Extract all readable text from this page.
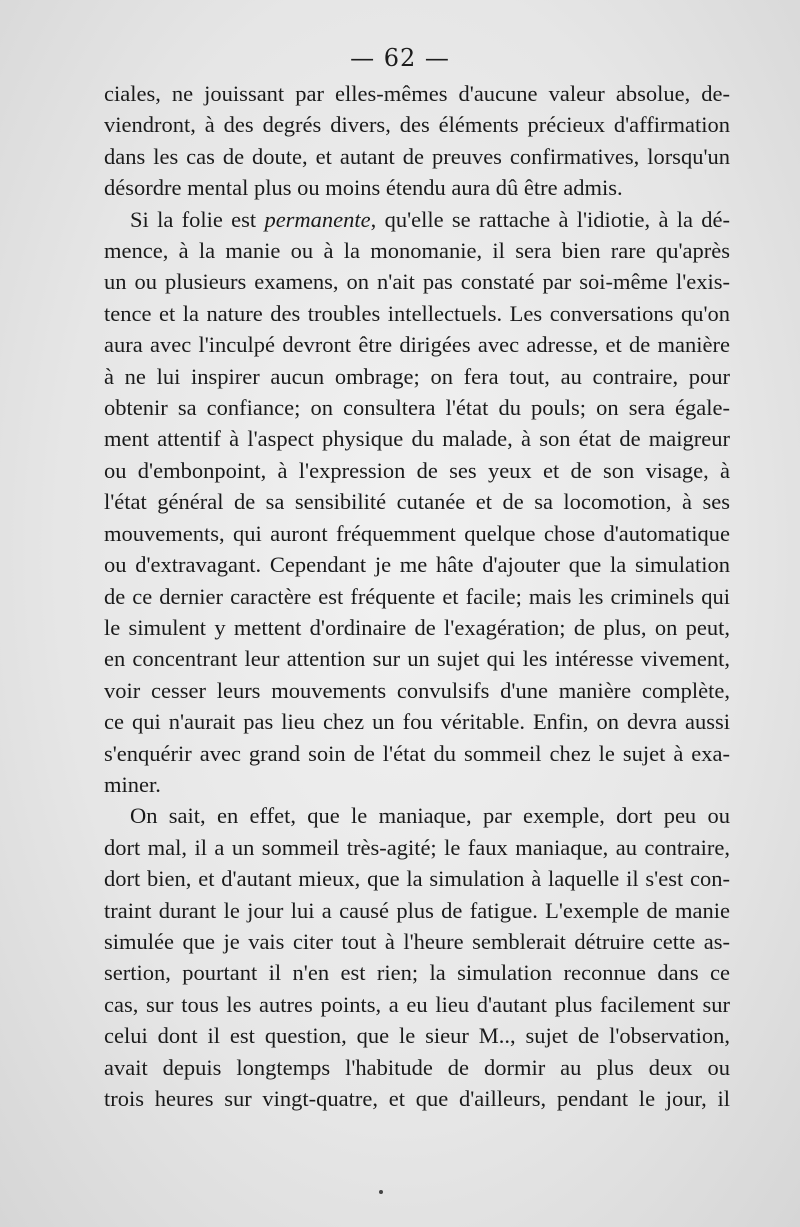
— 62 —
ciales, ne jouissant par elles-mêmes d'aucune valeur absolue, de-
viendront, à des degrés divers, des éléments précieux d'affirmation
dans les cas de doute, et autant de preuves confirmatives, lorsqu'un
désordre mental plus ou moins étendu aura dû être admis.
Si la folie est permanente, qu'elle se rattache à l'idiotie, à la dé-
mence, à la manie ou à la monomanie, il sera bien rare qu'après
un ou plusieurs examens, on n'ait pas constaté par soi-même l'exis-
tence et la nature des troubles intellectuels. Les conversations qu'on
aura avec l'inculpé devront être dirigées avec adresse, et de manière
à ne lui inspirer aucun ombrage; on fera tout, au contraire, pour
obtenir sa confiance; on consultera l'état du pouls; on sera égale-
ment attentif à l'aspect physique du malade, à son état de maigreur
ou d'embonpoint, à l'expression de ses yeux et de son visage, à
l'état général de sa sensibilité cutanée et de sa locomotion, à ses
mouvements, qui auront fréquemment quelque chose d'automatique
ou d'extravagant. Cependant je me hâte d'ajouter que la simulation
de ce dernier caractère est fréquente et facile; mais les criminels qui
le simulent y mettent d'ordinaire de l'exagération; de plus, on peut,
en concentrant leur attention sur un sujet qui les intéresse vivement,
voir cesser leurs mouvements convulsifs d'une manière complète,
ce qui n'aurait pas lieu chez un fou véritable. Enfin, on devra aussi
s'enquérir avec grand soin de l'état du sommeil chez le sujet à exa-
miner.
On sait, en effet, que le maniaque, par exemple, dort peu ou
dort mal, il a un sommeil très-agité; le faux maniaque, au contraire,
dort bien, et d'autant mieux, que la simulation à laquelle il s'est con-
traint durant le jour lui a causé plus de fatigue. L'exemple de manie
simulée que je vais citer tout à l'heure semblerait détruire cette as-
sertion, pourtant il n'en est rien; la simulation reconnue dans ce
cas, sur tous les autres points, a eu lieu d'autant plus facilement sur
celui dont il est question, que le sieur M.., sujet de l'observation,
avait depuis longtemps l'habitude de dormir au plus deux ou
trois heures sur vingt-quatre, et que d'ailleurs, pendant le jour, il
